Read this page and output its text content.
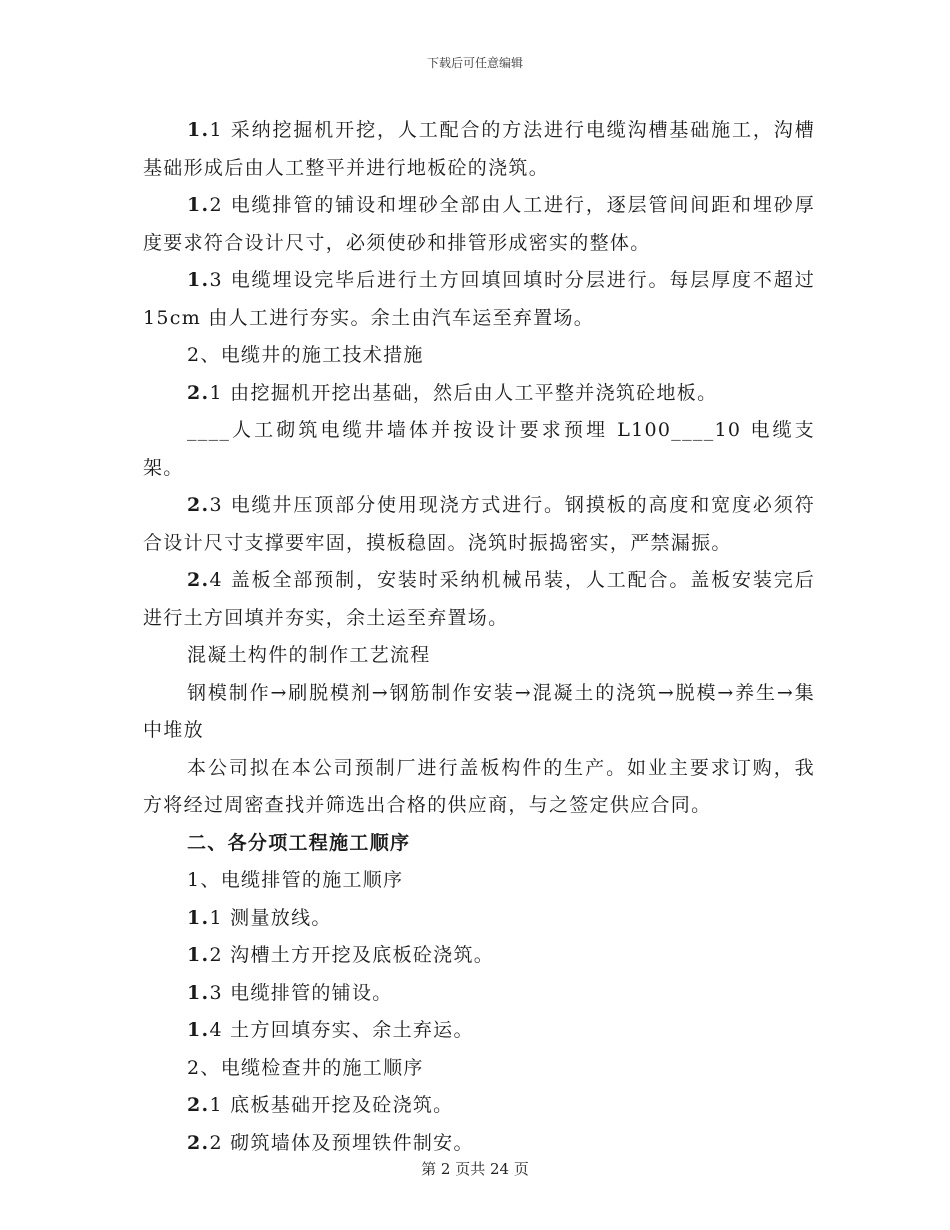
下载后可任意编辑

1.1 采纳挖掘机开挖，人工配合的方法进行电缆沟槽基础施工，沟槽基础形成后由人工整平并进行地板砼的浇筑。

1.2 电缆排管的铺设和埋砂全部由人工进行，逐层管间间距和埋砂厚度要求符合设计尺寸，必须使砂和排管形成密实的整体。

1.3 电缆埋设完毕后进行土方回填回填时分层进行。每层厚度不超过 15cm 由人工进行夯实。余土由汽车运至弃置场。

2、电缆井的施工技术措施

2.1 由挖掘机开挖出基础，然后由人工平整并浇筑砼地板。

____人工砌筑电缆井墙体并按设计要求预埋 L100____10 电缆支架。

2.3 电缆井压顶部分使用现浇方式进行。钢摸板的高度和宽度必须符合设计尺寸支撑要牢固，摸板稳固。浇筑时振捣密实，严禁漏振。

2.4 盖板全部预制，安装时采纳机械吊装，人工配合。盖板安装完后进行土方回填并夯实，余土运至弃置场。

混凝土构件的制作工艺流程

钢模制作→刷脱模剂→钢筋制作安装→混凝土的浇筑→脱模→养生→集中堆放

本公司拟在本公司预制厂进行盖板构件的生产。如业主要求订购，我方将经过周密查找并筛选出合格的供应商，与之签定供应合同。

二、各分项工程施工顺序

1、电缆排管的施工顺序

1.1 测量放线。

1.2 沟槽土方开挖及底板砼浇筑。

1.3 电缆排管的铺设。

1.4 土方回填夯实、余土弃运。

2、电缆检查井的施工顺序

2.1 底板基础开挖及砼浇筑。

2.2 砌筑墙体及预埋铁件制安。

第 2 页共 24 页
